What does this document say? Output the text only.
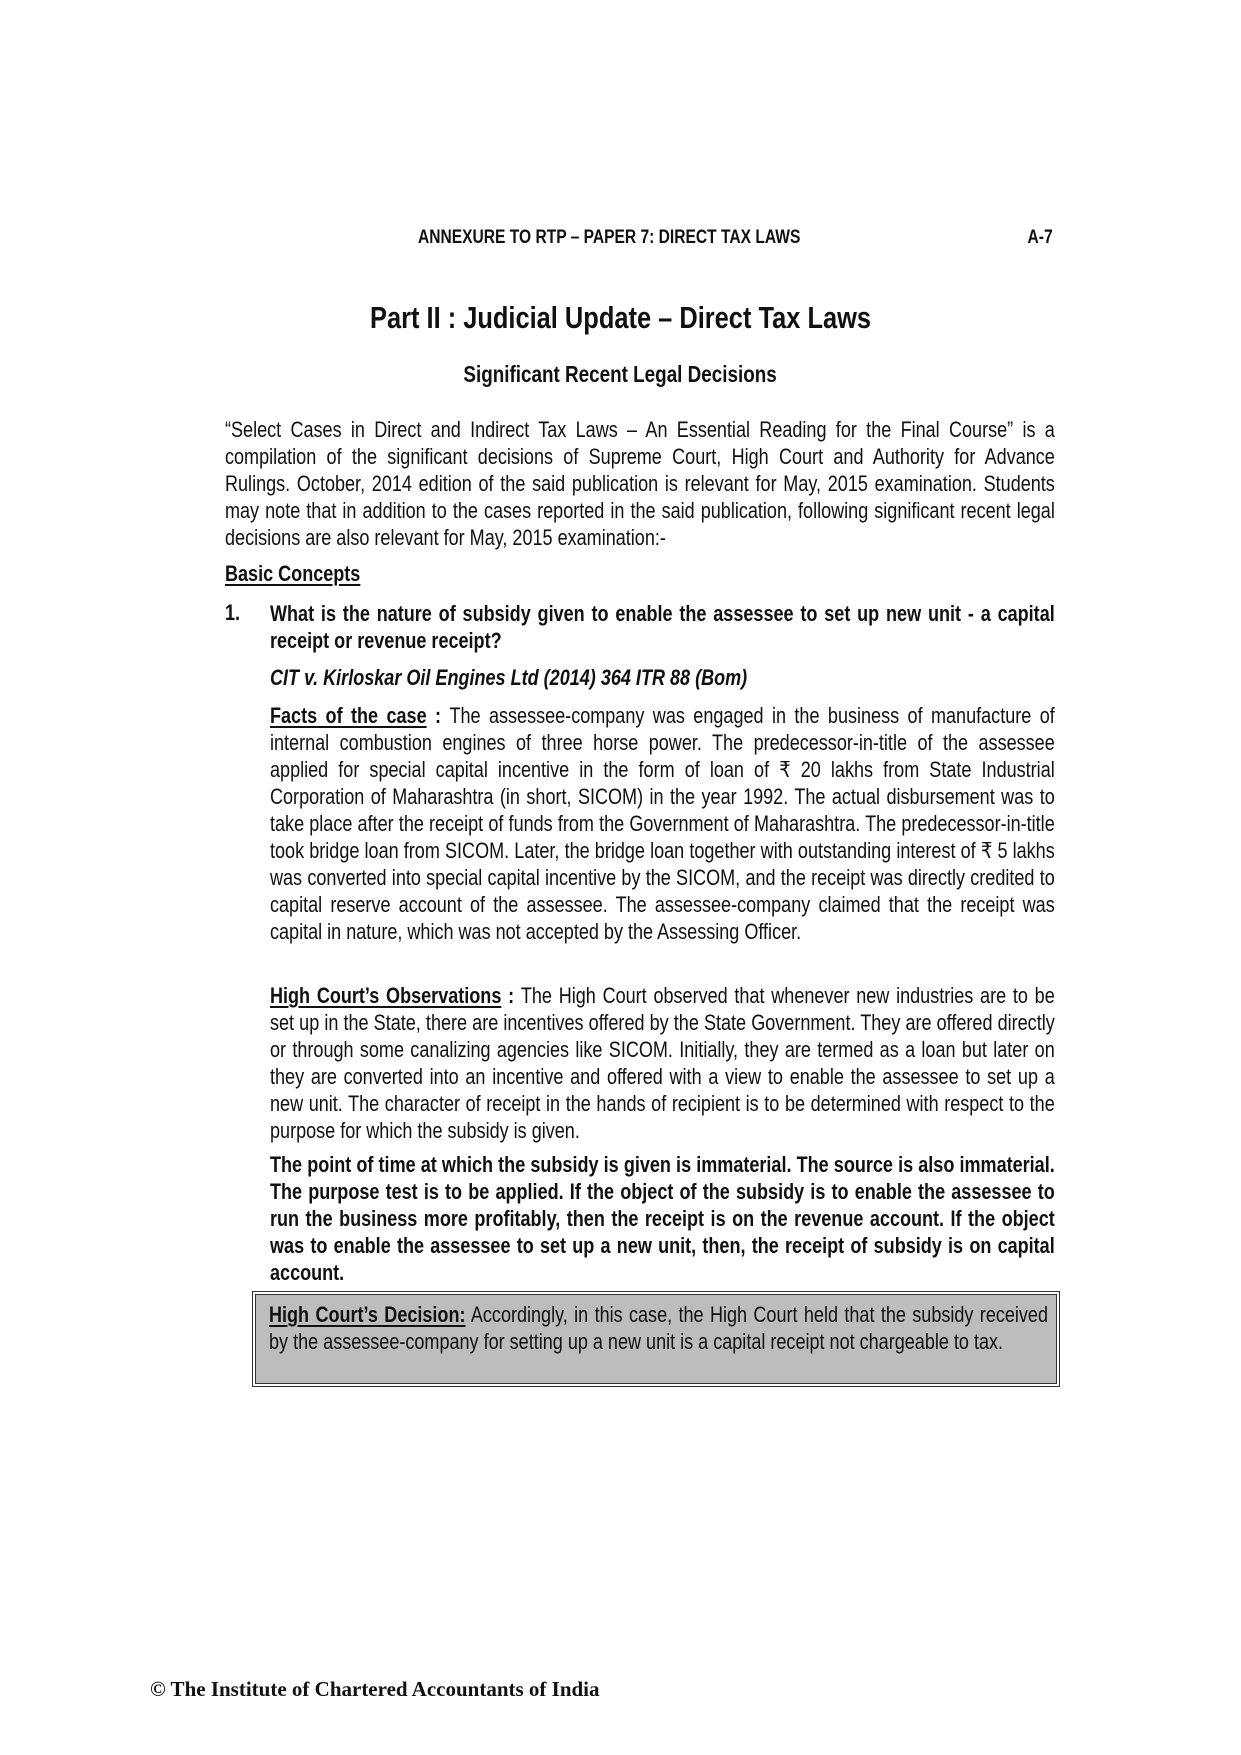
ANNEXURE TO RTP – PAPER 7: DIRECT TAX LAWS	A-7
Part II : Judicial Update – Direct Tax Laws
Significant Recent Legal Decisions

“Select Cases in Direct and Indirect Tax Laws – An Essential Reading for the Final Course” is a compilation of the significant decisions of Supreme Court, High Court and Authority for Advance Rulings. October, 2014 edition of the said publication is relevant for May, 2015 examination. Students may note that in addition to the cases reported in the said publication, following significant recent legal decisions are also relevant for May, 2015 examination:-

Basic Concepts
1. What is the nature of subsidy given to enable the assessee to set up new unit - a capital receipt or revenue receipt?

CIT v. Kirloskar Oil Engines Ltd (2014) 364 ITR 88 (Bom)

Facts of the case : The assessee-company was engaged in the business of manufacture of internal combustion engines of three horse power. The predecessor-in-title of the assessee applied for special capital incentive in the form of loan of ₹ 20 lakhs from State Industrial Corporation of Maharashtra (in short, SICOM) in the year 1992. The actual disbursement was to take place after the receipt of funds from the Government of Maharashtra. The predecessor-in-title took bridge loan from SICOM. Later, the bridge loan together with outstanding interest of ₹ 5 lakhs was converted into special capital incentive by the SICOM, and the receipt was directly credited to capital reserve account of the assessee. The assessee-company claimed that the receipt was capital in nature, which was not accepted by the Assessing Officer.

High Court’s Observations : The High Court observed that whenever new industries are to be set up in the State, there are incentives offered by the State Government. They are offered directly or through some canalizing agencies like SICOM. Initially, they are termed as a loan but later on they are converted into an incentive and offered with a view to enable the assessee to set up a new unit. The character of receipt in the hands of recipient is to be determined with respect to the purpose for which the subsidy is given.

The point of time at which the subsidy is given is immaterial. The source is also immaterial. The purpose test is to be applied. If the object of the subsidy is to enable the assessee to run the business more profitably, then the receipt is on the revenue account. If the object was to enable the assessee to set up a new unit, then, the receipt of subsidy is on capital account.

High Court’s Decision: Accordingly, in this case, the High Court held that the subsidy received by the assessee-company for setting up a new unit is a capital receipt not chargeable to tax.

© The Institute of Chartered Accountants of India
